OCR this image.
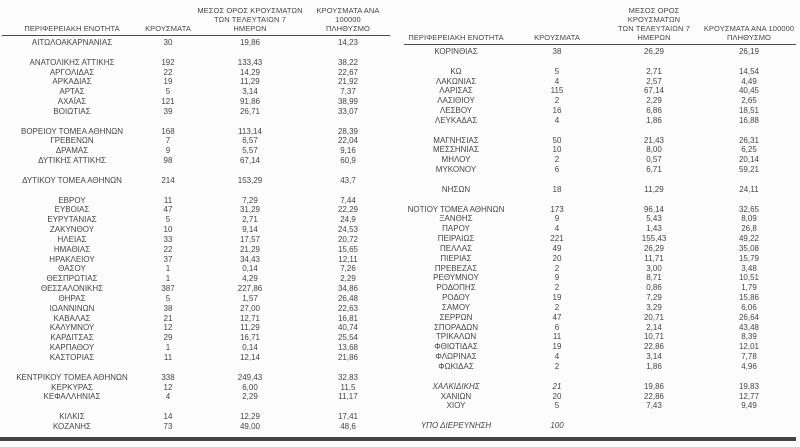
ΠΕΡΙΦΕΡΕΙΑΚΗ ΕΝΟΤΗΤΑ	ΚΡΟΥΣΜΑΤΑ
ΜΕΣΟΣ ΟΡΟΣ ΚΡΟΥΣΜΑΤΩΝ
ΤΩΝ ΤΕΛΕΥΤΑΙΩΝ 7
ΗΜΕΡΩΝ
ΚΡΟΥΣΜΑΤΑ ΑΝΑ 100000
ΠΛΗΘΥΣΜΟ
ΑΙΤΩΛΟΑΚΑΡΝΑΝΙΑΣ	30	19,86	14,23
ΑΝΑΤΟΛΙΚΗΣ ΑΤΤΙΚΗΣ	192	133,43	38,22
ΑΡΓΟΛΙΔΑΣ	22	14,29	22,67
ΑΡΚΑΔΙΑΣ	19	11,29	21,92
ΑΡΤΑΣ	5	3,14	7,37
ΑΧΑΪΑΣ	121	91,86	38,99
ΒΟΙΩΤΙΑΣ	39	26,71	33,07
ΒΟΡΕΙΟΥ ΤΟΜΕΑ ΑΘΗΝΩΝ	168	113,14	28,39
ΓΡΕΒΕΝΩΝ	7	6,57	22,04
ΔΡΑΜΑΣ	9	5,57	9,16
ΔΥΤΙΚΗΣ ΑΤΤΙΚΗΣ	98	67,14	60,9
ΔΥΤΙΚΟΥ ΤΟΜΕΑ ΑΘΗΝΩΝ	214	153,29	43,7
ΕΒΡΟΥ	11	7,29	7,44
ΕΥΒΟΙΑΣ	47	31,29	22,29
ΕΥΡΥΤΑΝΙΑΣ	5	2,71	24,9
ΖΑΚΥΝΘΟΥ	10	9,14	24,53
ΗΛΕΙΑΣ	33	17,57	20,72
ΗΜΑΘΙΑΣ	22	21,29	15,65
ΗΡΑΚΛΕΙΟΥ	37	34,43	12,11
ΘΑΣΟΥ	1	0,14	7,26
ΘΕΣΠΡΩΤΙΑΣ	1	4,29	2,29
ΘΕΣΣΑΛΟΝΙΚΗΣ	387	227,86	34,86
ΘΗΡΑΣ	5	1,57	26,48
ΙΩΑΝΝΙΝΩΝ	38	27,00	22,63
ΚΑΒΑΛΑΣ	21	12,71	16,81
ΚΑΛΥΜΝΟΥ	12	11,29	40,74
ΚΑΡΔΙΤΣΑΣ	29	16,71	25,54
ΚΑΡΠΑΘΟΥ	1	0,14	13,68
ΚΑΣΤΟΡΙΑΣ	11	12,14	21,86
ΚΕΝΤΡΙΚΟΥ ΤΟΜΕΑ ΑΘΗΝΩΝ	338	249,43	32,83
ΚΕΡΚΥΡΑΣ	12	6,00	11,5
ΚΕΦΑΛΛΗΝΙΑΣ	4	2,29	11,17
ΚΙΛΚΙΣ	14	12,29	17,41
ΚΟΖΑΝΗΣ	73	49,00	48,6
ΠΕΡΙΦΕΡΕΙΑΚΗ ΕΝΟΤΗΤΑ	ΚΡΟΥΣΜΑΤΑ
ΜΕΣΟΣ ΟΡΟΣ ΚΡΟΥΣΜΑΤΩΝ
ΤΩΝ ΤΕΛΕΥΤΑΙΩΝ 7
ΗΜΕΡΩΝ
ΚΡΟΥΣΜΑΤΑ ΑΝΑ 100000
ΠΛΗΘΥΣΜΟ
ΚΟΡΙΝΘΙΑΣ	38	26,29	26,19
ΚΩ	5	2,71	14,54
ΛΑΚΩΝΙΑΣ	4	2,57	4,49
ΛΑΡΙΣΑΣ	115	67,14	40,45
ΛΑΣΙΘΙΟΥ	2	2,29	2,65
ΛΕΣΒΟΥ	16	6,86	18,51
ΛΕΥΚΑΔΑΣ	4	1,86	16,88
ΜΑΓΝΗΣΙΑΣ	50	21,43	26,31
ΜΕΣΣΗΝΙΑΣ	10	8,00	6,25
ΜΗΛΟΥ	2	0,57	20,14
ΜΥΚΟΝΟΥ	6	6,71	59,21
ΝΗΣΩΝ	18	11,29	24,11
ΝΟΤΙΟΥ ΤΟΜΕΑ ΑΘΗΝΩΝ	173	96,14	32,65
ΞΑΝΘΗΣ	9	5,43	8,09
ΠΑΡΟΥ	4	1,43	26,8
ΠΕΙΡΑΙΩΣ	221	155,43	49,22
ΠΕΛΛΑΣ	49	26,29	35,08
ΠΙΕΡΙΑΣ	20	11,71	15,79
ΠΡΕΒΕΖΑΣ	2	3,00	3,48
ΡΕΘΥΜΝΟΥ	9	8,71	10,51
ΡΟΔΟΠΗΣ	2	0,86	1,79
ΡΟΔΟΥ	19	7,29	15,86
ΣΑΜΟΥ	2	3,29	6,06
ΣΕΡΡΩΝ	47	20,71	26,64
ΣΠΟΡΑΔΩΝ	6	2,14	43,48
ΤΡΙΚΑΛΩΝ	11	10,71	8,39
ΦΘΙΩΤΙΔΑΣ	19	22,86	12,01
ΦΛΩΡΙΝΑΣ	4	3,14	7,78
ΦΩΚΙΔΑΣ	2	1,86	4,96
ΧΑΛΚΙΔΙΚΗΣ	21	19,86	19,83
ΧΑΝΙΩΝ	20	22,86	12,77
ΧΙΟΥ	5	7,43	9,49
ΥΠΟ ΔΙΕΡΕΥΝΗΣΗ	100
